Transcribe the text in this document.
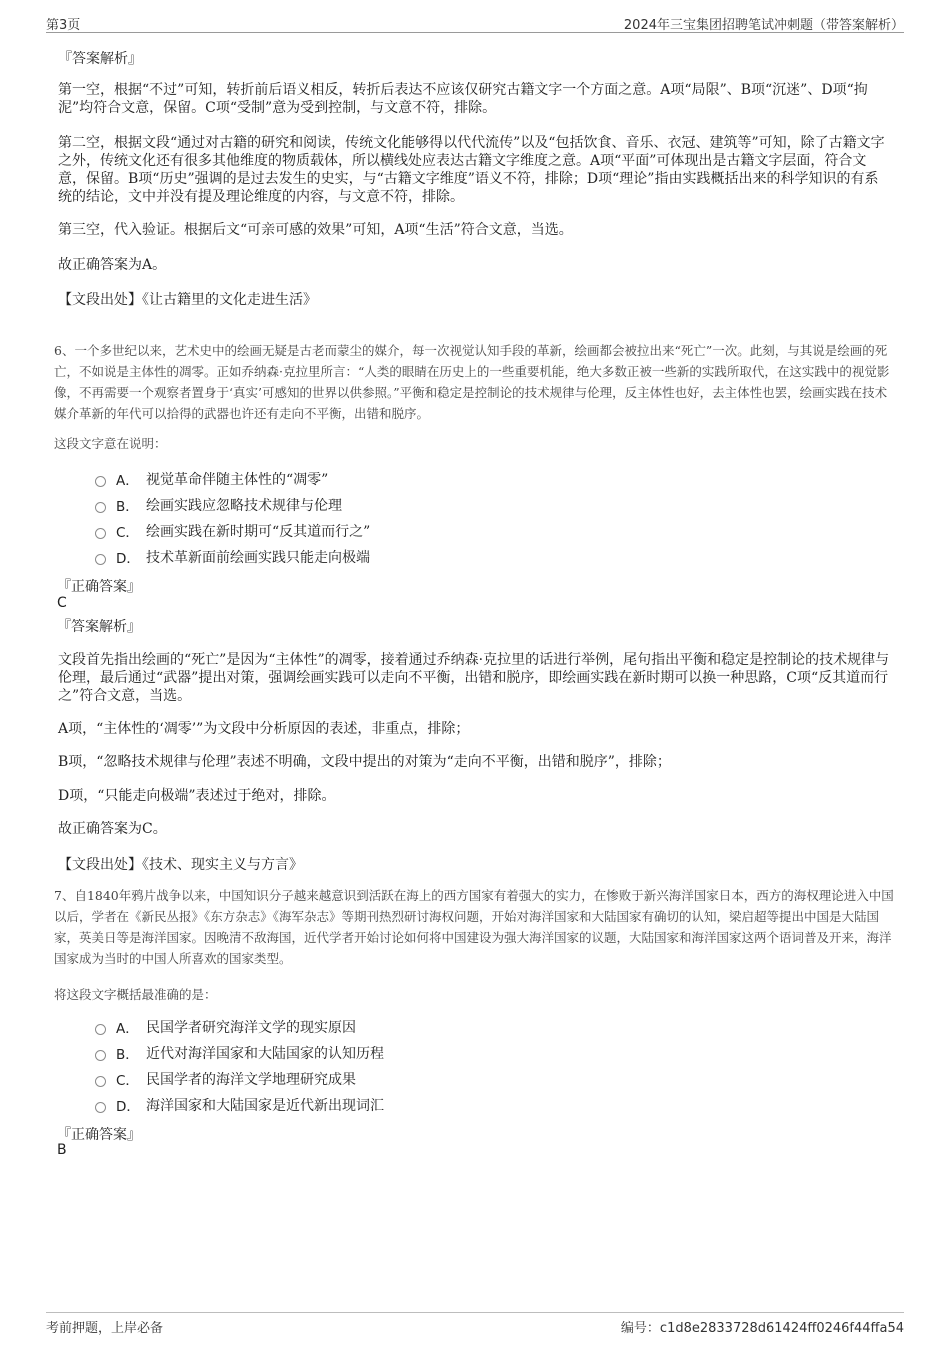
第3页	2024年三宝集团招聘笔试冲刺题（带答案解析）
『答案解析』

第一空，根据“不过”可知，转折前后语义相反，转折后表达不应该仅研究古籍文字一个方面之意。A项“局限”、B项“沉迷”、D项“拘泥”均符合文意，保留。C项“受制”意为受到控制，与文意不符，排除。

第二空，根据文段“通过对古籍的研究和阅读，传统文化能够得以代代流传”以及“包括饮食、音乐、衣冠、建筑等”可知，除了古籍文字之外，传统文化还有很多其他维度的物质载体，所以横线处应表达古籍文字维度之意。A项“平面”可体现出是古籍文字层面，符合文意，保留。B项“历史”强调的是过去发生的史实，与“古籍文字维度”语义不符，排除；D项“理论”指由实践概括出来的科学知识的有系统的结论，文中并没有提及理论维度的内容，与文意不符，排除。

第三空，代入验证。根据后文“可亲可感的效果”可知，A项“生活”符合文意，当选。

故正确答案为A。

【文段出处】《让古籍里的文化走进生活》

6、一个多世纪以来，艺术史中的绘画无疑是古老而蒙尘的媒介，每一次视觉认知手段的革新，绘画都会被拉出来“死亡”一次。此刻，与其说是绘画的死亡，不如说是主体性的凋零。正如乔纳森·克拉里所言：“人类的眼睛在历史上的一些重要机能，绝大多数正被一些新的实践所取代，在这实践中的视觉影像，不再需要一个观察者置身于‘真实’可感知的世界以供参照。”平衡和稳定是控制论的技术规律与伦理，反主体性也好，去主体性也罢，绘画实践在技术媒介革新的年代可以拾得的武器也许还有走向不平衡，出错和脱序。

这段文字意在说明：
A． 视觉革命伴随主体性的“凋零”
B． 绘画实践应忽略技术规律与伦理
C． 绘画实践在新时期可“反其道而行之”
D． 技术革新面前绘画实践只能走向极端
『正确答案』
C
『答案解析』

文段首先指出绘画的“死亡”是因为“主体性”的凋零，接着通过乔纳森·克拉里的话进行举例，尾句指出平衡和稳定是控制论的技术规律与伦理，最后通过“武器”提出对策，强调绘画实践可以走向不平衡，出错和脱序，即绘画实践在新时期可以换一种思路，C项“反其道而行之”符合文意，当选。

A项，“主体性的‘凋零’”为文段中分析原因的表述，非重点，排除；

B项，“忽略技术规律与伦理”表述不明确，文段中提出的对策为“走向不平衡，出错和脱序”，排除；

D项，“只能走向极端”表述过于绝对，排除。

故正确答案为C。

【文段出处】《技术、现实主义与方言》

7、自1840年鸦片战争以来，中国知识分子越来越意识到活跃在海上的西方国家有着强大的实力，在惨败于新兴海洋国家日本，西方的海权理论进入中国以后，学者在《新民丛报》《东方杂志》《海军杂志》等期刊热烈研讨海权问题，开始对海洋国家和大陆国家有确切的认知，梁启超等提出中国是大陆国家，英美日等是海洋国家。因晚清不敌海国，近代学者开始讨论如何将中国建设为强大海洋国家的议题，大陆国家和海洋国家这两个语词普及开来，海洋国家成为当时的中国人所喜欢的国家类型。

将这段文字概括最准确的是：
A． 民国学者研究海洋文学的现实原因
B． 近代对海洋国家和大陆国家的认知历程
C． 民国学者的海洋文学地理研究成果
D． 海洋国家和大陆国家是近代新出现词汇
『正确答案』
B
考前押题，上岸必备	编号：c1d8e2833728d61424ff0246f44ffa54
